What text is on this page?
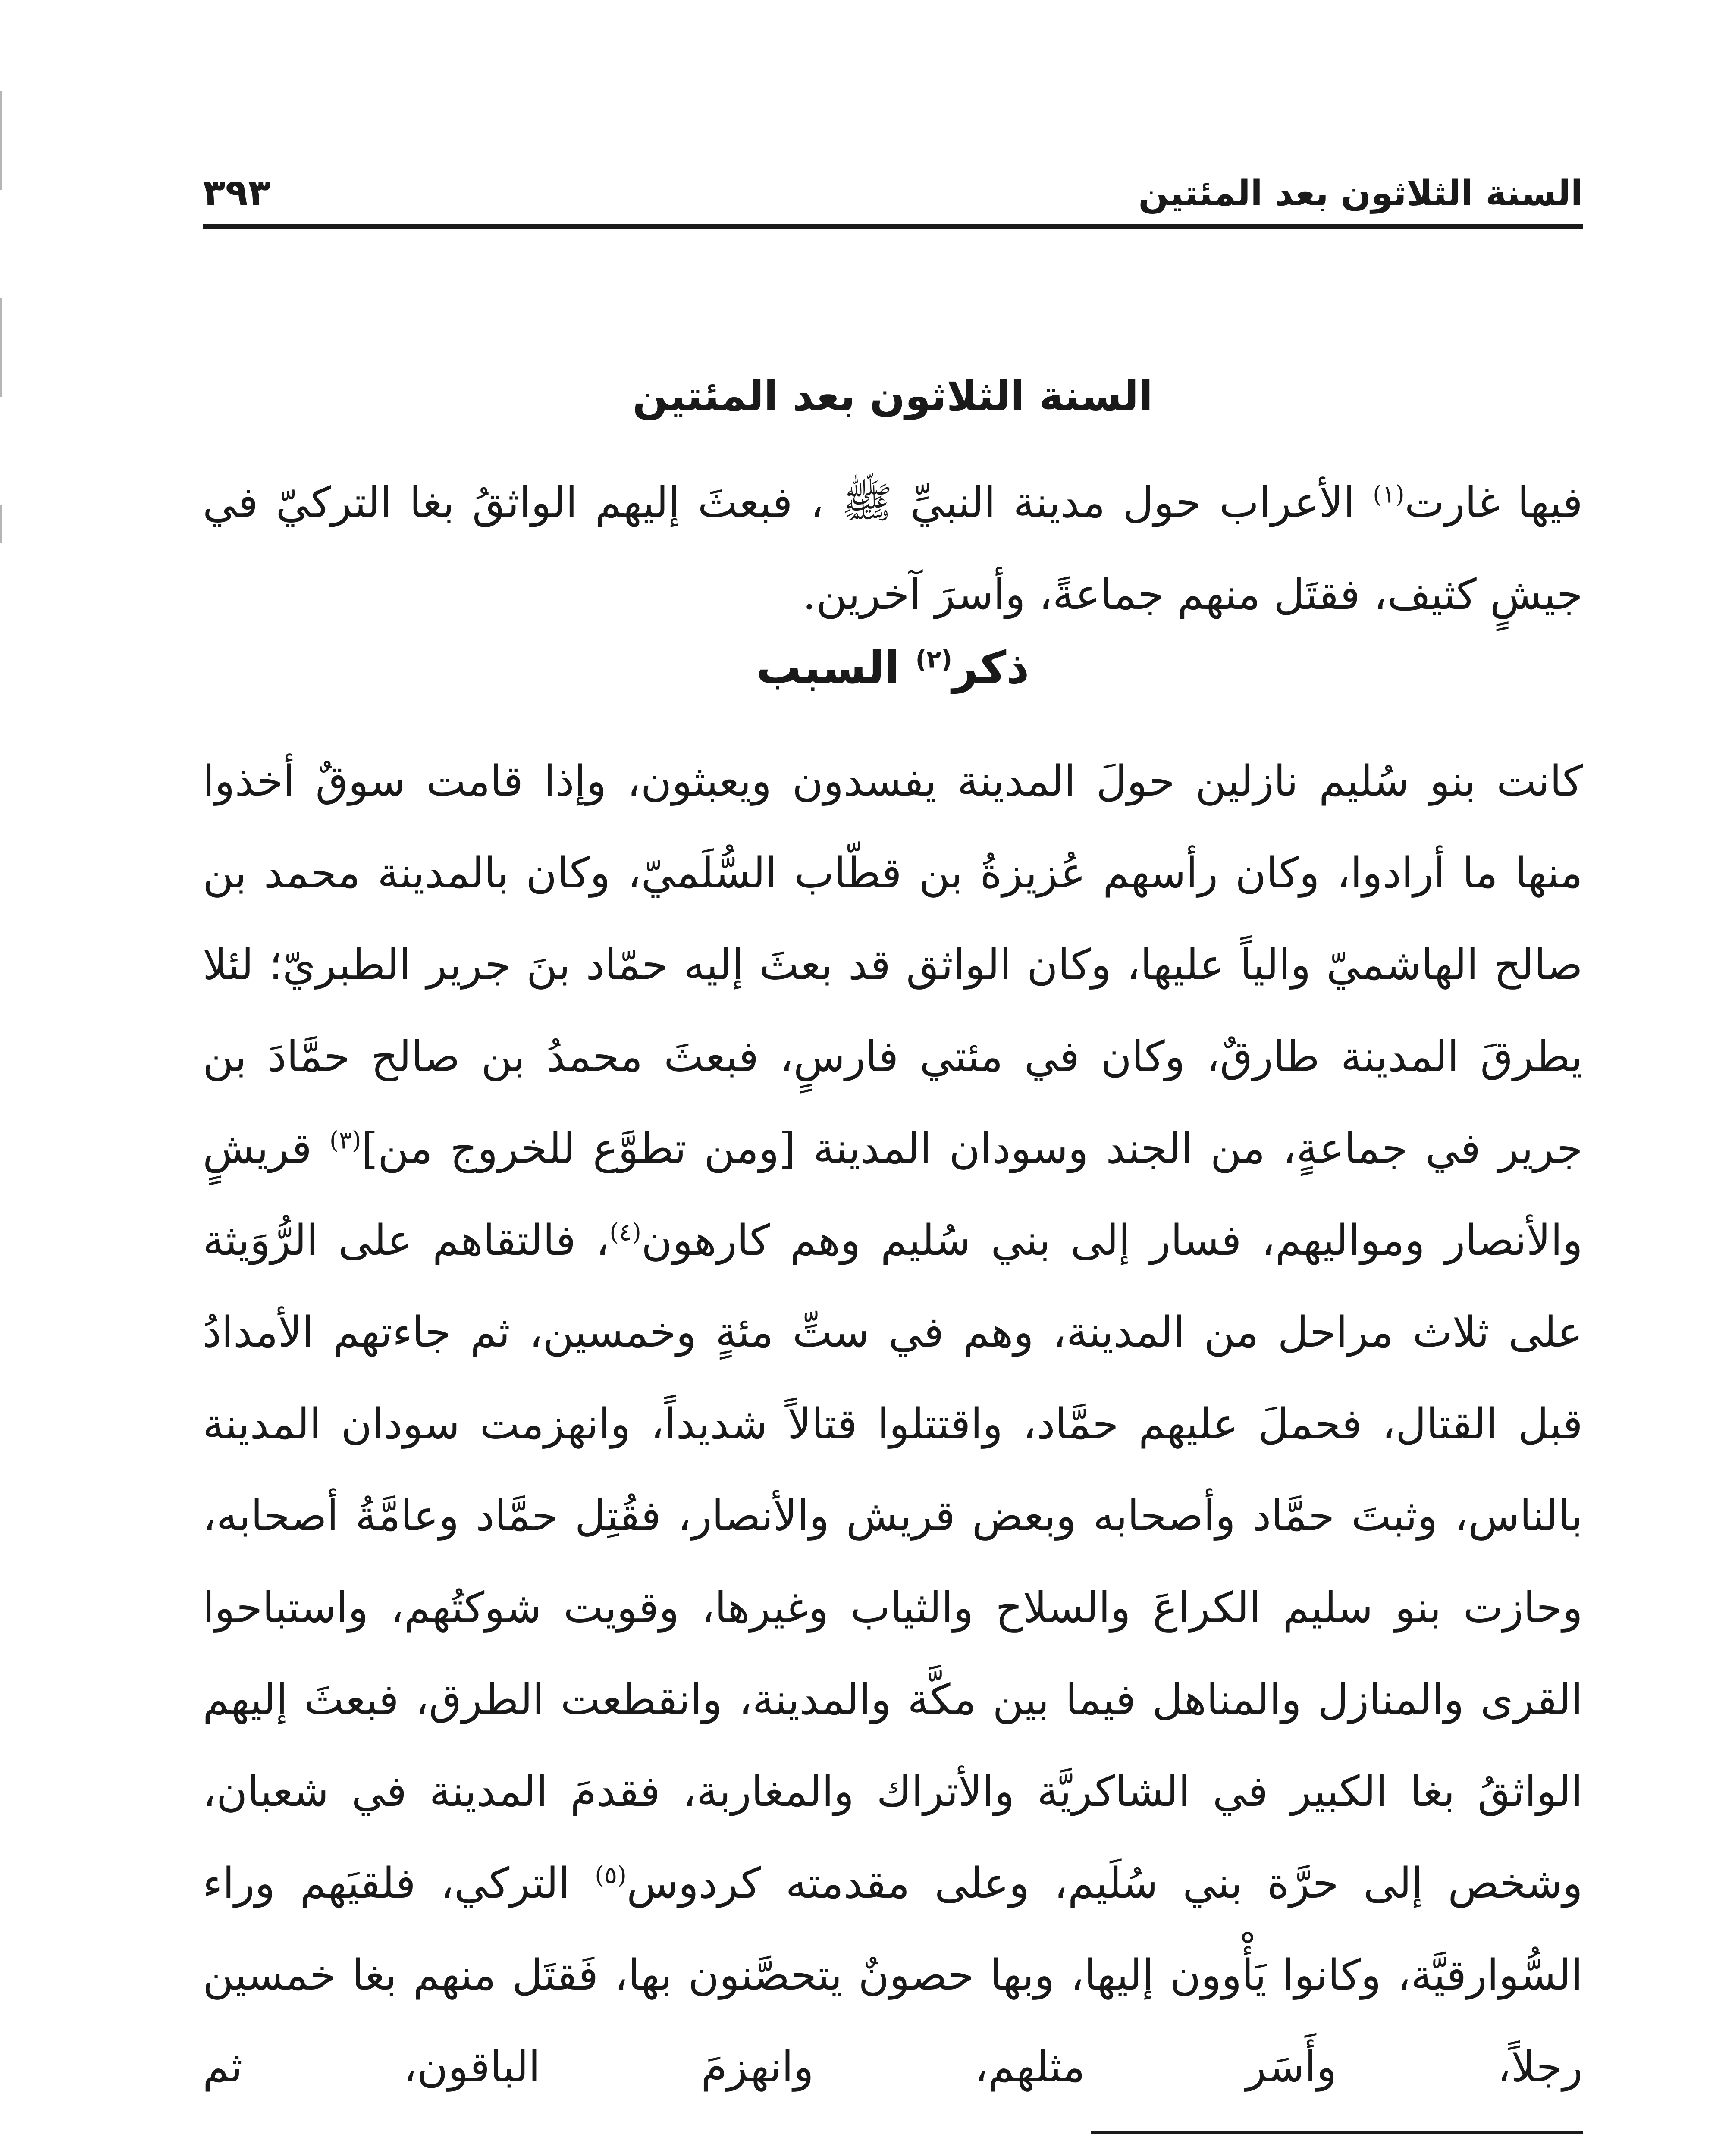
السنة الثلاثون بعد المئتين
٣٩٣
السنة الثلاثون بعد المئتين

فيها غارت$^{(١)}$ الأعراب حول مدينة النبيِّ ﷺ ، فبعثَ إليهم الواثقُ بغا التركيّ في جيشٍ كثيف، فقتَل منهم جماعةً، وأسرَ آخرين.

ذكر$^{(٢)}$ السبب

كانت بنو سُليم نازلين حولَ المدينة يفسدون ويعبثون، وإذا قامت سوقٌ أخذوا منها ما أرادوا، وكان رأسهم عُزيزةُ بن قطّاب السُّلَميّ، وكان بالمدينة محمد بن صالح الهاشميّ والياً عليها، وكان الواثق قد بعثَ إليه حمّاد بنَ جرير الطبريّ؛ لئلا يطرقَ المدينة طارقٌ، وكان في مئتي فارسٍ، فبعثَ محمدُ بن صالح حمَّادَ بن جرير في جماعةٍ، من الجند وسودان المدينة [ومن تطوَّع للخروج من]$^{(٣)}$ قريشٍ والأنصار ومواليهم، فسار إلى بني سُليم وهم كارهون$^{(٤)}$، فالتقاهم على الرُّوَيثة على ثلاث مراحل من المدينة، وهم في ستِّ مئةٍ وخمسين، ثم جاءتهم الأمدادُ قبل القتال، فحملَ عليهم حمَّاد، واقتتلوا قتالاً شديداً، وانهزمت سودان المدينة بالناس، وثبتَ حمَّاد وأصحابه وبعض قريش والأنصار، فقُتِل حمَّاد وعامَّةُ أصحابه، وحازت بنو سليم الكراعَ والسلاح والثياب وغيرها، وقويت شوكتُهم، واستباحوا القرى والمنازل والمناهل فيما بين مكَّة والمدينة، وانقطعت الطرق، فبعثَ إليهم الواثقُ بغا الكبير في الشاكريَّة والأتراك والمغاربة، فقدمَ المدينة في شعبان، وشخص إلى حرَّة بني سُلَيم، وعلى مقدمته كردوس$^{(٥)}$ التركي، فلقيَهم وراء السُّوارقيَّة، وكانوا يَأْوون إليها، وبها حصونٌ يتحصَّنون بها، فَقتَل منهم بغا خمسين رجلاً، وأَسَر مثلهم، وانهزمَ الباقون، ثم
